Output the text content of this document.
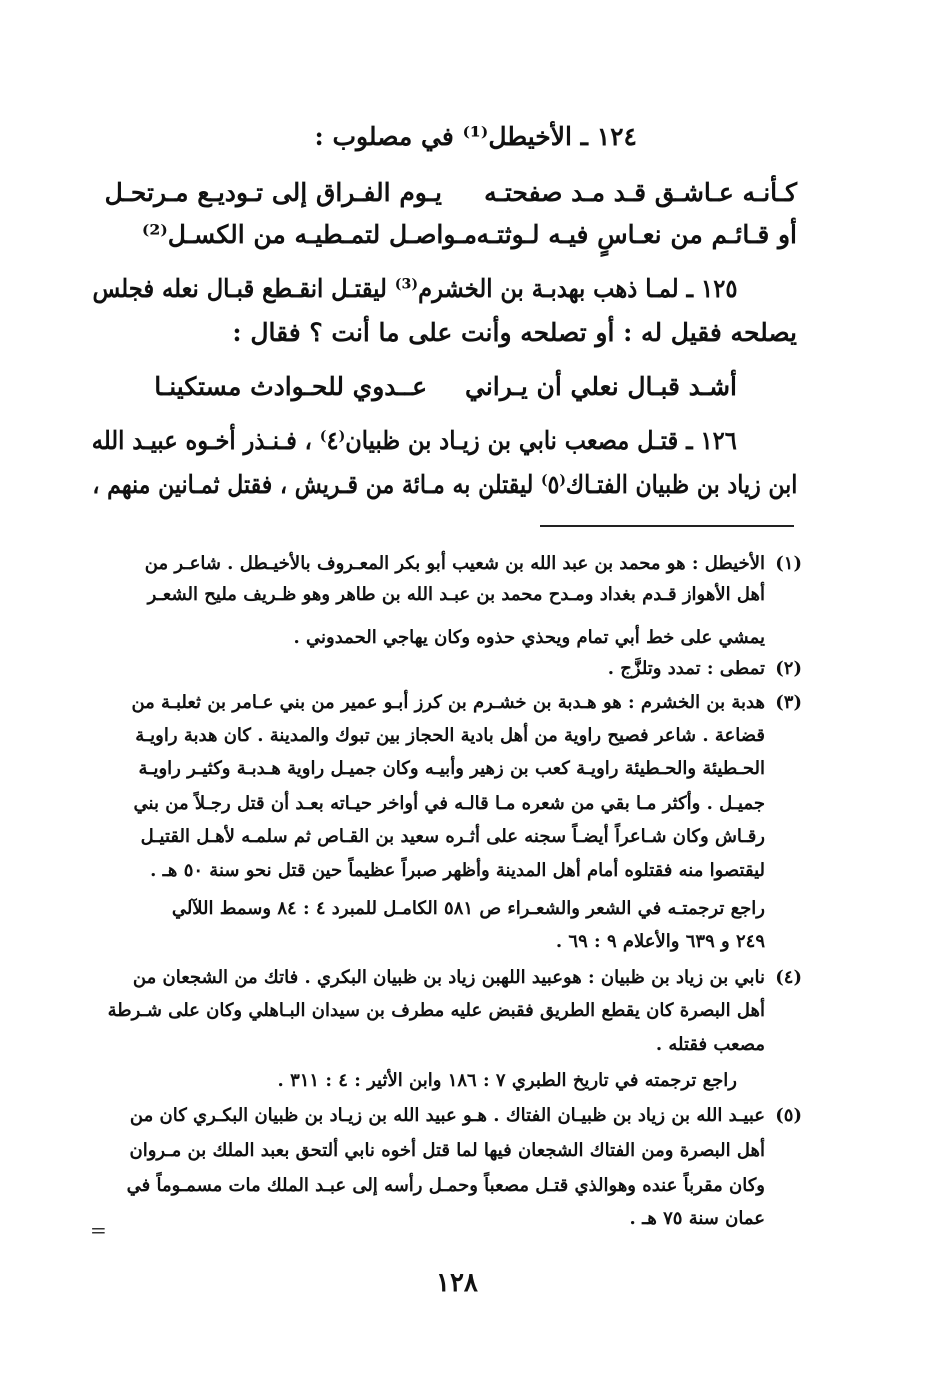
١٢٤ ـ الأخيطل⁽¹⁾ في مصلوب :
كـأنـه عـاشـق قـد مـد صفحتـه
يـوم الفـراق إلى تـوديـع مـرتحـل
أو قـائـم من نعـاسٍ فيـه لـوثتـه
مـواصـل لتمـطيـه من الكسـل⁽²⁾
١٢٥ ـ لمـا ذهب بهدبـة بن الخشرم⁽³⁾ ليقتـل انقـطع قبـال نعله فجلس
يصلحه فقيل له : أو تصلحه وأنت على ما أنت ؟ فقال :
أشـد قبـال نعلي أن يـراني
عــدوي للحـوادث مستكينـا
١٢٦ ـ قتـل مصعب نابي بن زيـاد بن ظبيان⁽٤⁾ ، فـنـذر أخـوه عبيـد الله
ابن زياد بن ظبيان الفتـاك⁽٥⁾ ليقتلن به مـائة من قـريش ، فقتل ثمـانين منهم ،
(١)
الأخيطل : هو محمد بن عبد الله بن شعيب أبو بكر المعـروف بالأخيـطل . شاعـر من
أهل الأهواز قـدم بغداد ومـدح محمد بن عبـد الله بن طاهر وهو ظـريف مليح الشعـر
يمشي على خط أبي تمام ويحذي حذوه وكان يهاجي الحمدوني .
(٢)
تمطى : تمدد وتلزَّج .
(٣)
هدبة بن الخشرم : هو هـدبة بن خشـرم بن كرز أبـو عمير من بني عـامر بن ثعلبـة من
قضاعة . شاعر فصيح راوية من أهل بادية الحجاز بين تبوك والمدينة . كان هدبة راويـة
الحـطيئة والحـطيئة راويـة كعب بن زهير وأبيـه وكان جميـل راوية هـدبـة وكثيـر راويـة
جميـل . وأكثر مـا بقي من شعره مـا قالـه في أواخر حيـاته بعـد أن قتل رجـلاً من بني
رقـاش وكان شـاعراً أيضـاً سجنه على أثـره سعيد بن القـاص ثم سلمـه لأهـل القتيـل
ليقتصوا منه فقتلوه أمام أهل المدينة وأظهر صبراً عظيماً حين قتل نحو سنة ٥٠ هـ .
راجع ترجمتـه في الشعر والشعـراء ص ٥٨١ الكامـل للمبرد ٤ : ٨٤ وسمط اللآلي
٢٤٩ و ٦٣٩ والأعلام ٩ : ٦٩ .
(٤)
نابي بن زياد بن ظبيان : هوعبيد اللهبن زياد بن ظبيان البكري . فاتك من الشجعان من
أهل البصرة كان يقطع الطريق فقبض عليه مطرف بن سيدان البـاهلي وكان على شـرطة
مصعب فقتله .
راجع ترجمته في تاريخ الطبري ٧ : ١٨٦ وابن الأثير : ٤ : ٣١١ .
(٥)
عبيـد الله بن زياد بن ظبيـان الفتاك . هـو عبيد الله بن زيـاد بن ظبيان البكـري كان من
أهل البصرة ومن الفتاك الشجعان فيها لما قتل أخوه نابي ألتحق بعبد الملك بن مـروان
وكان مقرباً عنده وهوالذي قتـل مصعباً وحمـل رأسه إلى عبـد الملك مات مسمـوماً في
عمان سنة ٧٥ هـ .
=
١٢٨
